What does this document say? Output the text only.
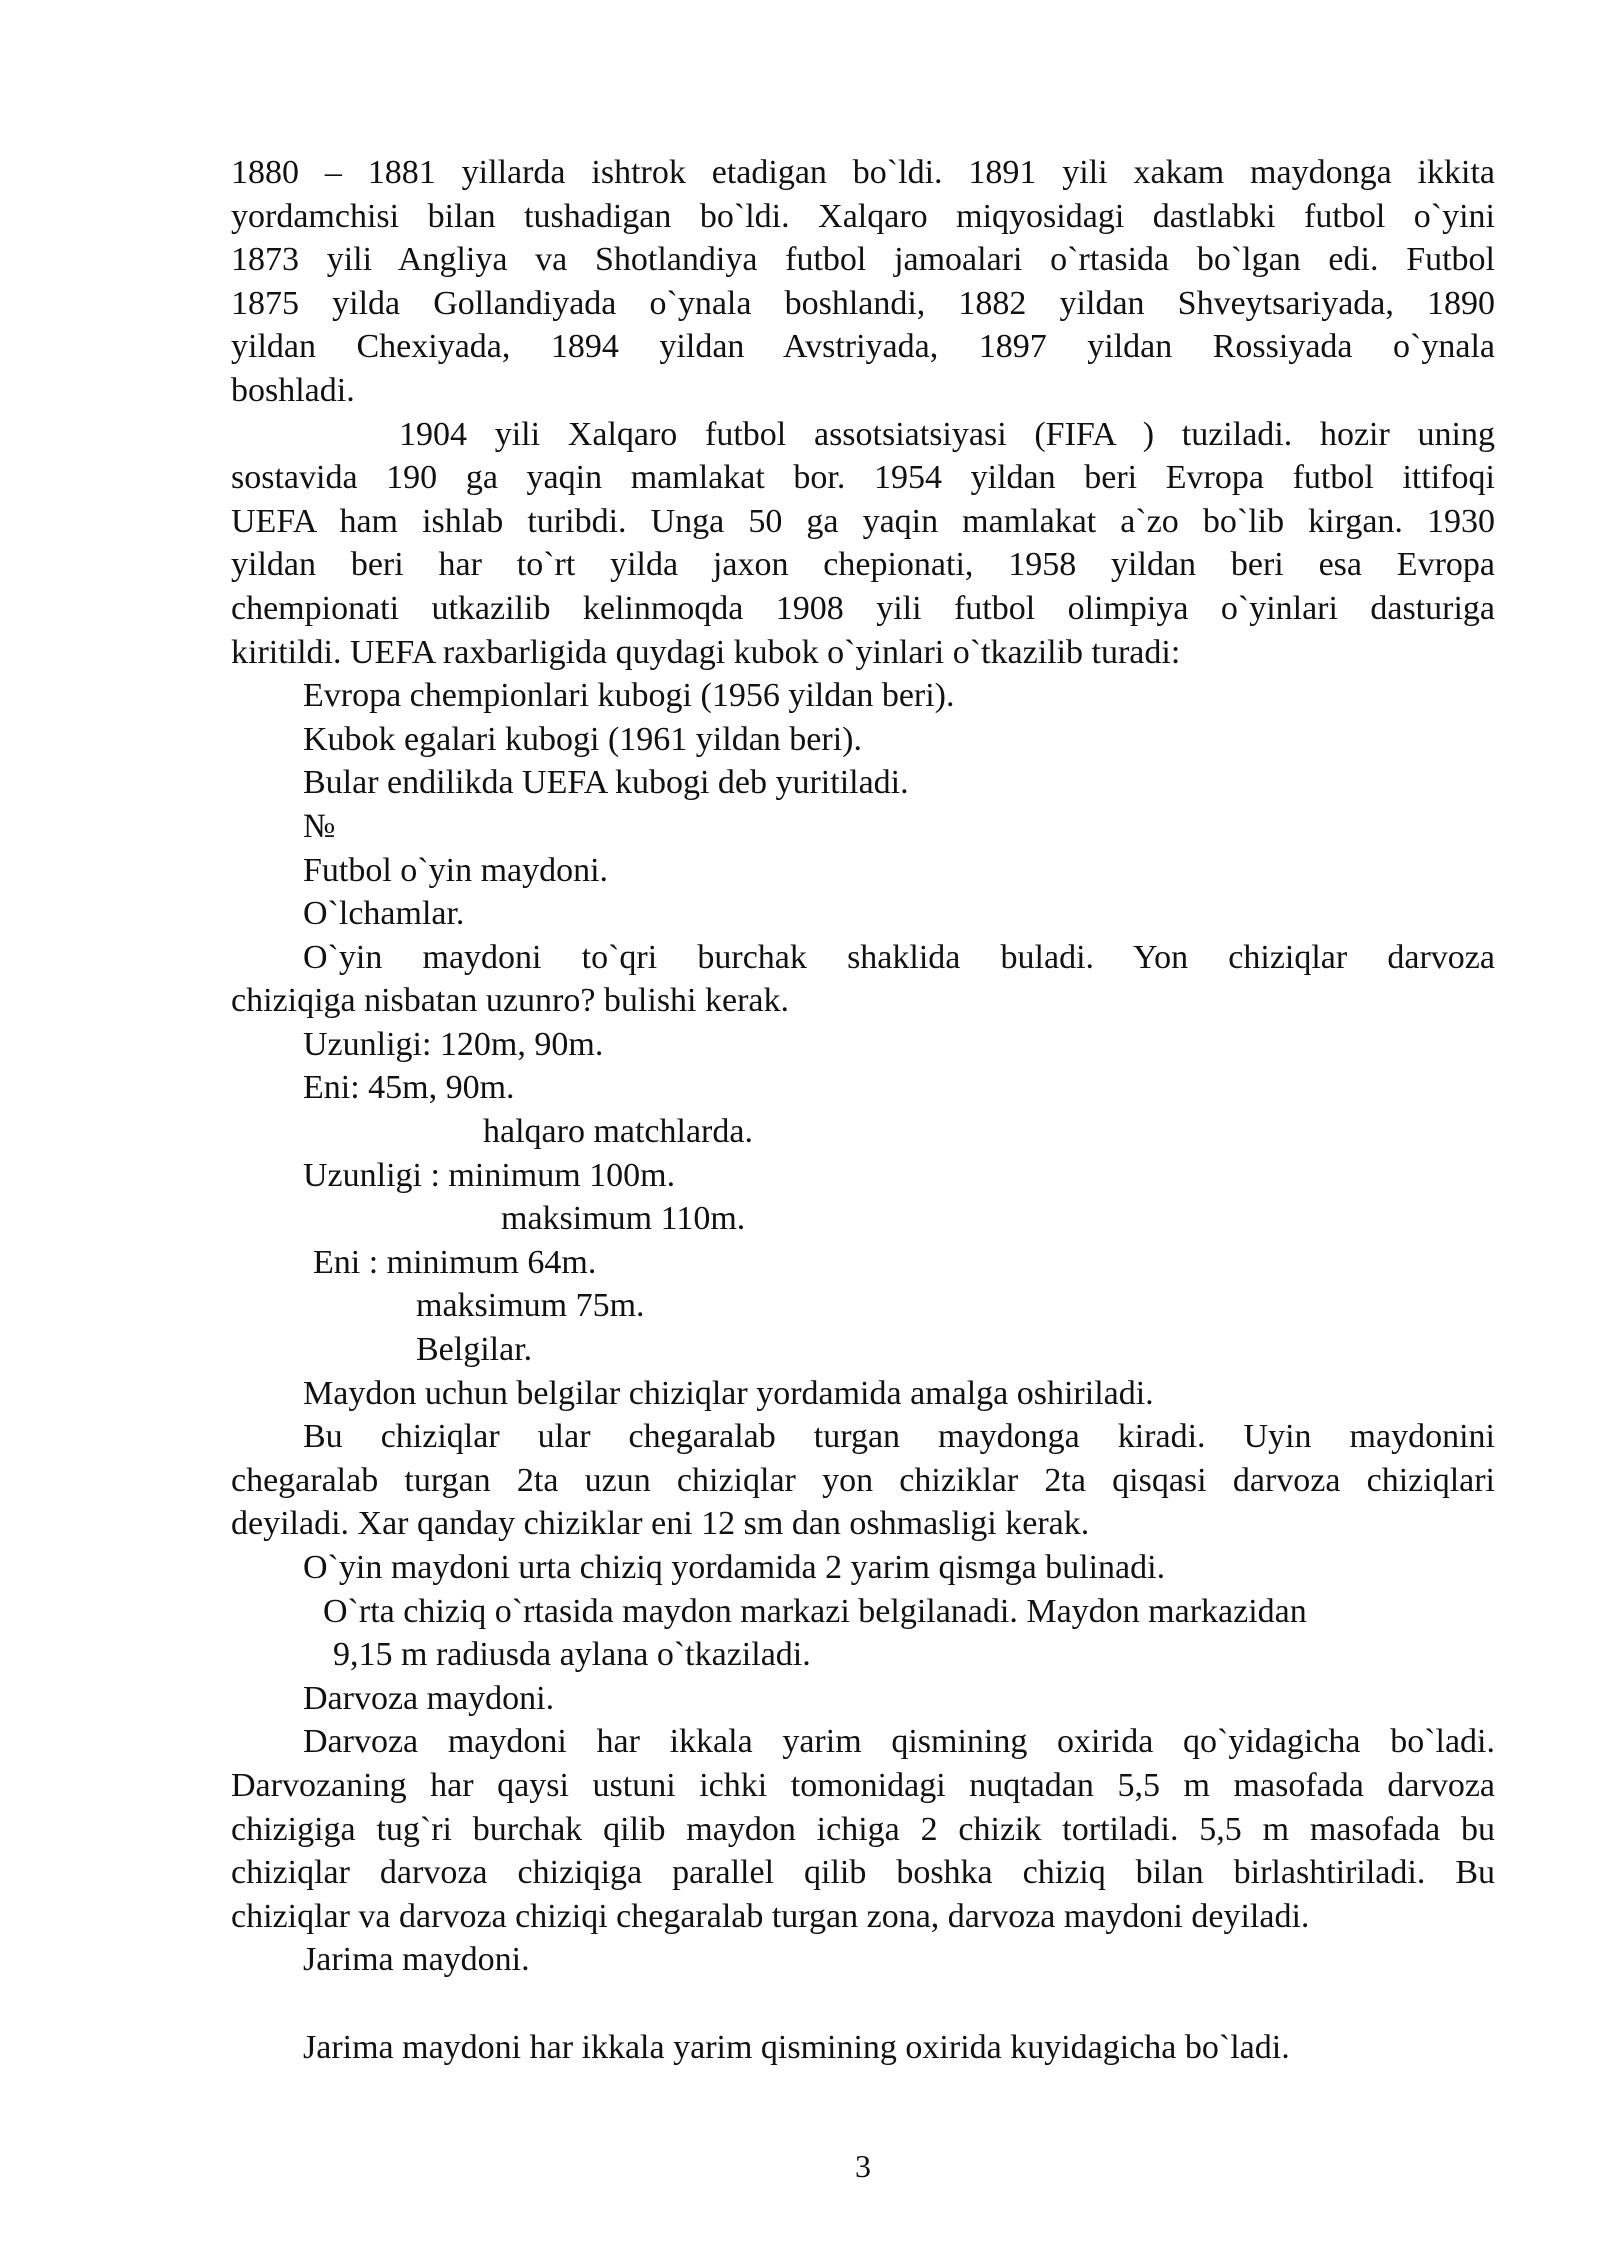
1880 – 1881 yillarda ishtrok etadigan bo`ldi. 1891 yili xakam maydonga ikkita
yordamchisi bilan tushadigan bo`ldi. Xalqaro miqyosidagi dastlabki futbol o`yini
1873 yili Angliya va Shotlandiya futbol jamoalari o`rtasida bo`lgan edi. Futbol
1875 yilda Gollandiyada o`ynala boshlandi, 1882 yildan Shveytsariyada, 1890
yildan Chexiyada, 1894 yildan Avstriyada, 1897 yildan Rossiyada o`ynala
boshladi.
1904 yili Xalqaro futbol assotsiatsiyasi (FIFA ) tuziladi. hozir uning
sostavida 190 ga yaqin mamlakat bor. 1954 yildan beri Evropa futbol ittifoqi
UEFA ham ishlab turibdi. Unga 50 ga yaqin mamlakat a`zo bo`lib kirgan. 1930
yildan beri har to`rt yilda jaxon chepionati, 1958 yildan beri esa Evropa
chempionati utkazilib kelinmoqda 1908 yili futbol olimpiya o`yinlari dasturiga
kiritildi. UEFA raxbarligida quydagi kubok o`yinlari o`tkazilib turadi:
Evropa chempionlari kubogi (1956 yildan beri).
Kubok egalari kubogi (1961 yildan beri).
Bular endilikda UEFA kubogi deb yuritiladi.
№
Futbol o`yin maydoni.
O`lchamlar.
O`yin maydoni to`qri burchak shaklida buladi. Yon chiziqlar darvoza
chiziqiga nisbatan uzunro? bulishi kerak.
Uzunligi: 120m, 90m.
Eni: 45m, 90m.
halqaro matchlarda.
Uzunligi : minimum 100m.
maksimum 110m.
Eni : minimum 64m.
maksimum 75m.
Belgilar.
Maydon uchun belgilar chiziqlar yordamida amalga oshiriladi.
Bu chiziqlar ular chegaralab turgan maydonga kiradi. Uyin maydonini
chegaralab turgan 2ta uzun chiziqlar yon chiziklar 2ta qisqasi darvoza chiziqlari
deyiladi. Xar qanday chiziklar eni 12 sm dan oshmasligi kerak.
O`yin maydoni urta chiziq yordamida 2 yarim qismga bulinadi.
O`rta chiziq o`rtasida maydon markazi belgilanadi. Maydon markazidan
9,15 m radiusda aylana o`tkaziladi.
Darvoza maydoni.
Darvoza maydoni har ikkala yarim qismining oxirida qo`yidagicha bo`ladi.
Darvozaning har qaysi ustuni ichki tomonidagi nuqtadan 5,5 m masofada darvoza
chizigiga tug`ri burchak qilib maydon ichiga 2 chizik tortiladi. 5,5 m masofada bu
chiziqlar darvoza chiziqiga parallel qilib boshka chiziq bilan birlashtiriladi. Bu
chiziqlar va darvoza chiziqi chegaralab turgan zona, darvoza maydoni deyiladi.
Jarima maydoni.
Jarima maydoni har ikkala yarim qismining oxirida kuyidagicha bo`ladi.
3
